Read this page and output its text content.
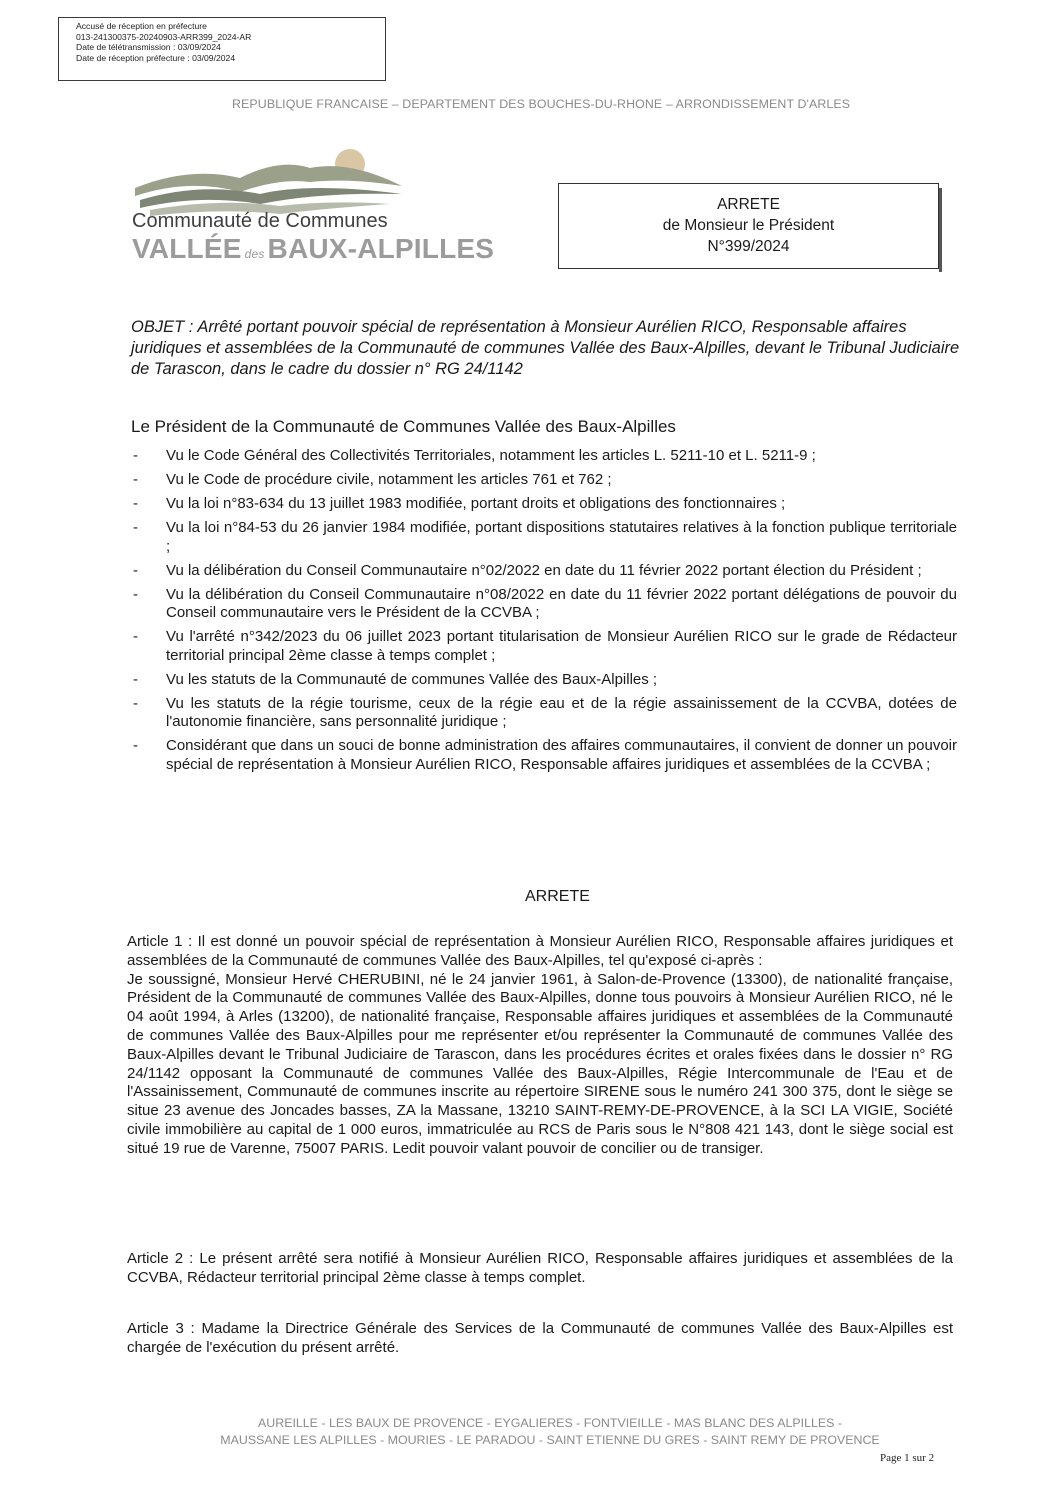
Accusé de réception en préfecture
013-241300375-20240903-ARR399_2024-AR
Date de télétransmission : 03/09/2024
Date de réception préfecture : 03/09/2024
REPUBLIQUE FRANCAISE – DEPARTEMENT DES BOUCHES-DU-RHONE – ARRONDISSEMENT D'ARLES
Communauté de Communes
VALLÉE des BAUX-ALPILLES
ARRETE
de Monsieur le Président
N°399/2024
OBJET : Arrêté portant pouvoir spécial de représentation à Monsieur Aurélien RICO, Responsable affaires juridiques et assemblées de la Communauté de communes Vallée des Baux-Alpilles, devant le Tribunal Judiciaire de Tarascon, dans le cadre du dossier n° RG 24/1142
Le Président de la Communauté de Communes Vallée des Baux-Alpilles
- Vu le Code Général des Collectivités Territoriales, notamment les articles L. 5211-10 et L. 5211-9 ;
- Vu le Code de procédure civile, notamment les articles 761 et 762 ;
- Vu la loi n°83-634 du 13 juillet 1983 modifiée, portant droits et obligations des fonctionnaires ;
- Vu la loi n°84-53 du 26 janvier 1984 modifiée, portant dispositions statutaires relatives à la fonction publique territoriale ;
- Vu la délibération du Conseil Communautaire n°02/2022 en date du 11 février 2022 portant élection du Président ;
- Vu la délibération du Conseil Communautaire n°08/2022 en date du 11 février 2022 portant délégations de pouvoir du Conseil communautaire vers le Président de la CCVBA ;
- Vu l'arrêté n°342/2023 du 06 juillet 2023 portant titularisation de Monsieur Aurélien RICO sur le grade de Rédacteur territorial principal 2ème classe à temps complet ;
- Vu les statuts de la Communauté de communes Vallée des Baux-Alpilles ;
- Vu les statuts de la régie tourisme, ceux de la régie eau et de la régie assainissement de la CCVBA, dotées de l'autonomie financière, sans personnalité juridique ;
- Considérant que dans un souci de bonne administration des affaires communautaires, il convient de donner un pouvoir spécial de représentation à Monsieur Aurélien RICO, Responsable affaires juridiques et assemblées de la CCVBA ;
ARRETE

Article 1 : Il est donné un pouvoir spécial de représentation à Monsieur Aurélien RICO, Responsable affaires juridiques et assemblées de la Communauté de communes Vallée des Baux-Alpilles, tel qu'exposé ci-après :

Je soussigné, Monsieur Hervé CHERUBINI, né le 24 janvier 1961, à Salon-de-Provence (13300), de nationalité française, Président de la Communauté de communes Vallée des Baux-Alpilles, donne tous pouvoirs à Monsieur Aurélien RICO, né le 04 août 1994, à Arles (13200), de nationalité française, Responsable affaires juridiques et assemblées de la Communauté de communes Vallée des Baux-Alpilles pour me représenter et/ou représenter la Communauté de communes Vallée des Baux-Alpilles devant le Tribunal Judiciaire de Tarascon, dans les procédures écrites et orales fixées dans le dossier n° RG 24/1142 opposant la Communauté de communes Vallée des Baux-Alpilles, Régie Intercommunale de l'Eau et de l'Assainissement, Communauté de communes inscrite au répertoire SIRENE sous le numéro 241 300 375, dont le siège se situe 23 avenue des Joncades basses, ZA la Massane, 13210 SAINT-REMY-DE-PROVENCE, à la SCI LA VIGIE, Société civile immobilière au capital de 1 000 euros, immatriculée au RCS de Paris sous le N°808 421 143, dont le siège social est situé 19 rue de Varenne, 75007 PARIS. Ledit pouvoir valant pouvoir de concilier ou de transiger.

Article 2 : Le présent arrêté sera notifié à Monsieur Aurélien RICO, Responsable affaires juridiques et assemblées de la CCVBA, Rédacteur territorial principal 2ème classe à temps complet.
Article 3 : Madame la Directrice Générale des Services de la Communauté de communes Vallée des Baux-Alpilles est chargée de l'exécution du présent arrêté.
AUREILLE - LES BAUX DE PROVENCE - EYGALIERES - FONTVIEILLE - MAS BLANC DES ALPILLES -
MAUSSANE LES ALPILLES - MOURIES - LE PARADOU - SAINT ETIENNE DU GRES - SAINT REMY DE PROVENCE
Page 1 sur 2
